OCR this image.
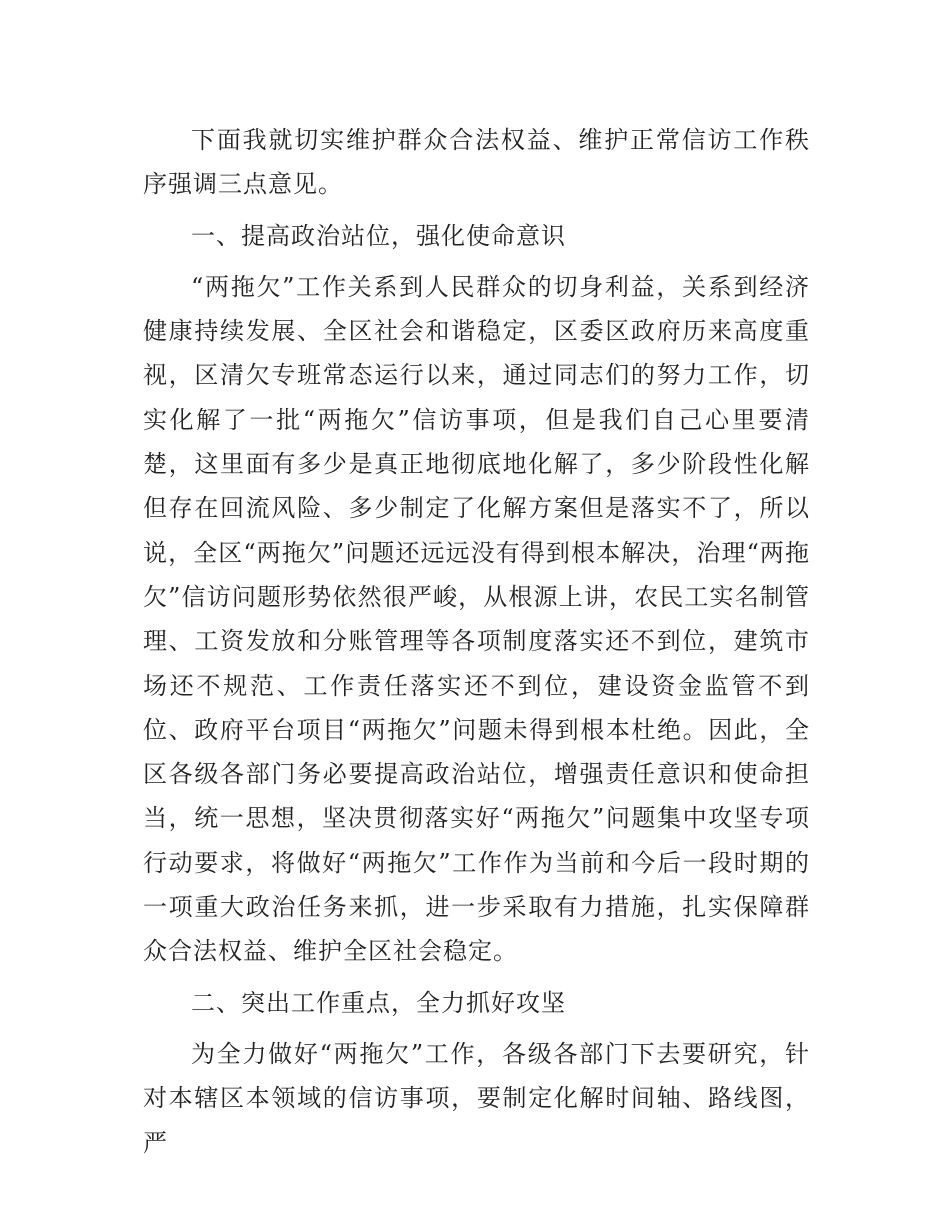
下面我就切实维护群众合法权益、维护正常信访工作秩序强调三点意见。

一、提高政治站位，强化使命意识

“两拖欠”工作关系到人民群众的切身利益，关系到经济健康持续发展、全区社会和谐稳定，区委区政府历来高度重视，区清欠专班常态运行以来，通过同志们的努力工作，切实化解了一批“两拖欠”信访事项，但是我们自己心里要清楚，这里面有多少是真正地彻底地化解了，多少阶段性化解但存在回流风险、多少制定了化解方案但是落实不了，所以说，全区“两拖欠”问题还远远没有得到根本解决，治理“两拖欠”信访问题形势依然很严峻，从根源上讲，农民工实名制管理、工资发放和分账管理等各项制度落实还不到位，建筑市场还不规范、工作责任落实还不到位，建设资金监管不到位、政府平台项目“两拖欠”问题未得到根本杜绝。因此，全区各级各部门务必要提高政治站位，增强责任意识和使命担当，统一思想，坚决贯彻落实好“两拖欠”问题集中攻坚专项行动要求，将做好“两拖欠”工作作为当前和今后一段时期的一项重大政治任务来抓，进一步采取有力措施，扎实保障群众合法权益、维护全区社会稳定。

二、突出工作重点，全力抓好攻坚

为全力做好“两拖欠”工作，各级各部门下去要研究，针对本辖区本领域的信访事项，要制定化解时间轴、路线图，严
